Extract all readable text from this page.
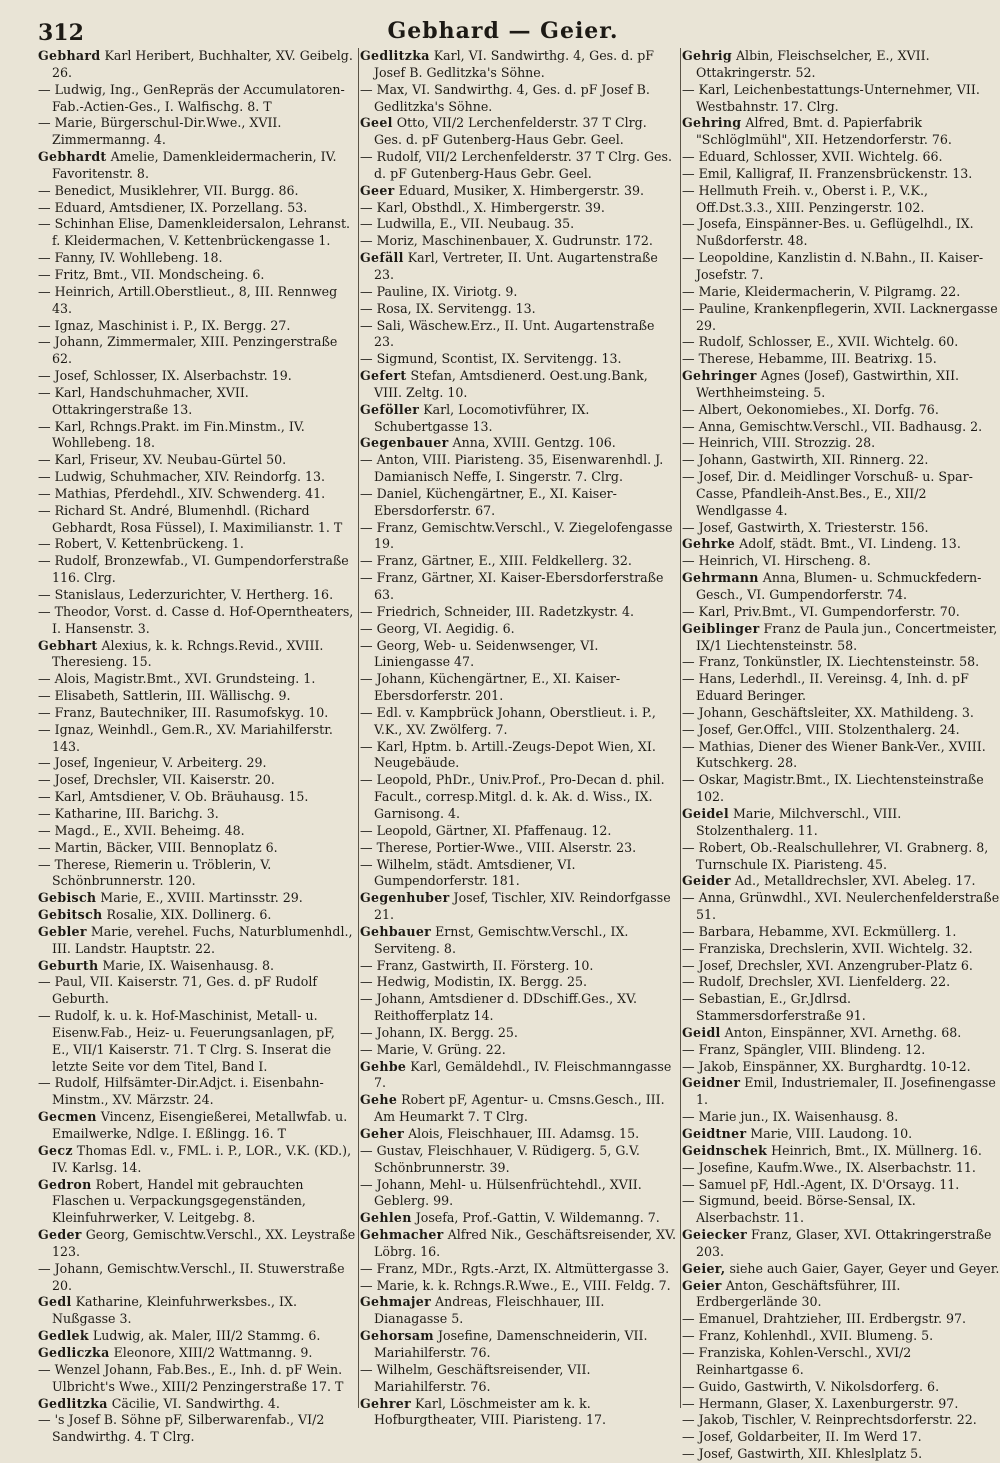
312	Gebhard — Geier.

Gebhard Karl Heribert, Buchhalter, XV. Geibelg. 26.

— Ludwig, Ing., GenRepräs der Accumulatoren-Fab.-Actien-Ges., I. Walfischg. 8. T

— Marie, Bürgerschul-Dir.Wwe., XVII. Zimmermanng. 4.

Gebhardt Amelie, Damenkleidermacherin, IV. Favoritenstr. 8.

— Benedict, Musiklehrer, VII. Burgg. 86.

— Eduard, Amtsdiener, IX. Porzellang. 53.

— Schinhan Elise, Damenkleidersalon, Lehranst. f. Kleidermachen, V. Kettenbrückengasse 1.

— Fanny, IV. Wohllebeng. 18.

— Fritz, Bmt., VII. Mondscheing. 6.

— Heinrich, Artill.Oberstlieut., 8, III. Rennweg 43.

— Ignaz, Maschinist i. P., IX. Bergg. 27.

— Johann, Zimmermaler, XIII. Penzingerstraße 62.

— Josef, Schlosser, IX. Alserbachstr. 19.

— Karl, Handschuhmacher, XVII. Ottakringerstraße 13.

— Karl, Rchngs.Prakt. im Fin.Minstm., IV. Wohllebeng. 18.

— Karl, Friseur, XV. Neubau-Gürtel 50.

— Ludwig, Schuhmacher, XIV. Reindorfg. 13.

— Mathias, Pferdehdl., XIV. Schwenderg. 41.

— Richard St. André, Blumenhdl. (Richard Gebhardt, Rosa Füssel), I. Maximilianstr. 1. T

— Robert, V. Kettenbrückeng. 1.

— Rudolf, Bronzewfab., VI. Gumpendorferstraße 116. Clrg.

— Stanislaus, Lederzurichter, V. Hertherg. 16.

— Theodor, Vorst. d. Casse d. Hof-Operntheaters, I. Hansenstr. 3.

Gebhart Alexius, k. k. Rchngs.Revid., XVIII. Theresieng. 15.

— Alois, Magistr.Bmt., XVI. Grundsteing. 1.

— Elisabeth, Sattlerin, III. Wällischg. 9.

— Franz, Bautechniker, III. Rasumofskyg. 10.

— Ignaz, Weinhdl., Gem.R., XV. Mariahilferstr. 143.

— Josef, Ingenieur, V. Arbeiterg. 29.

— Josef, Drechsler, VII. Kaiserstr. 20.

— Karl, Amtsdiener, V. Ob. Bräuhausg. 15.

— Katharine, III. Barichg. 3.

— Magd., E., XVII. Beheimg. 48.

— Martin, Bäcker, VIII. Bennoplatz 6.

— Therese, Riemerin u. Tröblerin, V. Schönbrunnerstr. 120.

Gebisch Marie, E., XVIII. Martinsstr. 29.

Gebitsch Rosalie, XIX. Dollinerg. 6.

Gebler Marie, verehel. Fuchs, Naturblumenhdl., III. Landstr. Hauptstr. 22.

Geburth Marie, IX. Waisenhausg. 8.

— Paul, VII. Kaiserstr. 71, Ges. d. pF Rudolf Geburth.

— Rudolf, k. u. k. Hof-Maschinist, Metall- u. Eisenw.Fab., Heiz- u. Feuerungsanlagen, pF, E., VII/1 Kaiserstr. 71. T Clrg. S. Inserat die letzte Seite vor dem Titel, Band I.

— Rudolf, Hilfsämter-Dir.Adjct. i. Eisenbahn-Minstm., XV. Märzstr. 24.

Gecmen Vincenz, Eisengießerei, Metallwfab. u. Emailwerke, Ndlge. I. Eßlingg. 16. T

Gecz Thomas Edl. v., FML. i. P., LOR., V.K. (KD.), IV. Karlsg. 14.

Gedron Robert, Handel mit gebrauchten Flaschen u. Verpackungsgegenständen, Kleinfuhrwerker, V. Leitgebg. 8.

Geder Georg, Gemischtw.Verschl., XX. Leystraße 123.

— Johann, Gemischtw.Verschl., II. Stuwerstraße 20.

Gedl Katharine, Kleinfuhrwerksbes., IX. Nußgasse 3.

Gedlek Ludwig, ak. Maler, III/2 Stammg. 6.

Gedliczka Eleonore, XIII/2 Wattmanng. 9.

— Wenzel Johann, Fab.Bes., E., Inh. d. pF Wein. Ulbricht's Wwe., XIII/2 Penzingerstraße 17. T

Gedlitzka Cäcilie, VI. Sandwirthg. 4.

— 's Josef B. Söhne pF, Silberwarenfab., VI/2 Sandwirthg. 4. T Clrg.

Gedlitzka Karl, VI. Sandwirthg. 4, Ges. d. pF Josef B. Gedlitzka's Söhne.

— Max, VI. Sandwirthg. 4, Ges. d. pF Josef B. Gedlitzka's Söhne.

Geel Otto, VII/2 Lerchenfelderstr. 37 T Clrg. Ges. d. pF Gutenberg-Haus Gebr. Geel.

— Rudolf, VII/2 Lerchenfelderstr. 37 T Clrg. Ges. d. pF Gutenberg-Haus Gebr. Geel.

Geer Eduard, Musiker, X. Himbergerstr. 39.

— Karl, Obsthdl., X. Himbergerstr. 39.

— Ludwilla, E., VII. Neubaug. 35.

— Moriz, Maschinenbauer, X. Gudrunstr. 172.

Gefäll Karl, Vertreter, II. Unt. Augartenstraße 23.

— Pauline, IX. Viriotg. 9.

— Rosa, IX. Servitengg. 13.

— Sali, Wäschew.Erz., II. Unt. Augartenstraße 23.

— Sigmund, Scontist, IX. Servitengg. 13.

Gefert Stefan, Amtsdienerd. Oest.ung.Bank, VIII. Zeltg. 10.

Geföller Karl, Locomotivführer, IX. Schubertgasse 13.

Gegenbauer Anna, XVIII. Gentzg. 106.

— Anton, VIII. Piaristeng. 35, Eisenwarenhdl. J. Damianisch Neffe, I. Singerstr. 7. Clrg.

— Daniel, Küchengärtner, E., XI. Kaiser-Ebersdorferstr. 67.

— Franz, Gemischtw.Verschl., V. Ziegelofengasse 19.

— Franz, Gärtner, E., XIII. Feldkellerg. 32.

— Franz, Gärtner, XI. Kaiser-Ebersdorferstraße 63.

— Friedrich, Schneider, III. Radetzkystr. 4.

— Georg, VI. Aegidig. 6.

— Georg, Web- u. Seidenwsenger, VI. Liniengasse 47.

— Johann, Küchengärtner, E., XI. Kaiser-Ebersdorferstr. 201.

— Edl. v. Kampbrück Johann, Oberstlieut. i. P., V.K., XV. Zwölferg. 7.

— Karl, Hptm. b. Artill.-Zeugs-Depot Wien, XI. Neugebäude.

— Leopold, PhDr., Univ.Prof., Pro-Decan d. phil. Facult., corresp.Mitgl. d. k. Ak. d. Wiss., IX. Garnisong. 4.

— Leopold, Gärtner, XI. Pfaffenaug. 12.

— Therese, Portier-Wwe., VIII. Alserstr. 23.

— Wilhelm, städt. Amtsdiener, VI. Gumpendorferstr. 181.

Gegenhuber Josef, Tischler, XIV. Reindorfgasse 21.

Gehbauer Ernst, Gemischtw.Verschl., IX. Serviteng. 8.

— Franz, Gastwirth, II. Försterg. 10.

— Hedwig, Modistin, IX. Bergg. 25.

— Johann, Amtsdiener d. DDschiff.Ges., XV. Reithofferplatz 14.

— Johann, IX. Bergg. 25.

— Marie, V. Grüng. 22.

Gehbe Karl, Gemäldehdl., IV. Fleischmanngasse 7.

Gehe Robert pF, Agentur- u. Cmsns.Gesch., III. Am Heumarkt 7. T Clrg.

Geher Alois, Fleischhauer, III. Adamsg. 15.

— Gustav, Fleischhauer, V. Rüdigerg. 5, G.V. Schönbrunnerstr. 39.

— Johann, Mehl- u. Hülsenfrüchtehdl., XVII. Geblerg. 99.

Gehlen Josefa, Prof.-Gattin, V. Wildemanng. 7.

Gehmacher Alfred Nik., Geschäftsreisender, XV. Löbrg. 16.

— Franz, MDr., Rgts.-Arzt, IX. Altmüttergasse 3.

— Marie, k. k. Rchngs.R.Wwe., E., VIII. Feldg. 7.

Gehmajer Andreas, Fleischhauer, III. Dianagasse 5.

Gehorsam Josefine, Damenschneiderin, VII. Mariahilferstr. 76.

— Wilhelm, Geschäftsreisender, VII. Mariahilferstr. 76.

Gehrer Karl, Löschmeister am k. k. Hofburgtheater, VIII. Piaristeng. 17.

Gehrig Albin, Fleischselcher, E., XVII. Ottakringerstr. 52.

— Karl, Leichenbestattungs-Unternehmer, VII. Westbahnstr. 17. Clrg.

Gehring Alfred, Bmt. d. Papierfabrik "Schlöglmühl", XII. Hetzendorferstr. 76.

— Eduard, Schlosser, XVII. Wichtelg. 66.

— Emil, Kalligraf, II. Franzensbrückenstr. 13.

— Hellmuth Freih. v., Oberst i. P., V.K., Off.Dst.3.3., XIII. Penzingerstr. 102.

— Josefa, Einspänner-Bes. u. Geflügelhdl., IX. Nußdorferstr. 48.

— Leopoldine, Kanzlistin d. N.Bahn., II. Kaiser-Josefstr. 7.

— Marie, Kleidermacherin, V. Pilgramg. 22.

— Pauline, Krankenpflegerin, XVII. Lacknergasse 29.

— Rudolf, Schlosser, E., XVII. Wichtelg. 60.

— Therese, Hebamme, III. Beatrixg. 15.

Gehringer Agnes (Josef), Gastwirthin, XII. Werthheimsteing. 5.

— Albert, Oekonomiebes., XI. Dorfg. 76.

— Anna, Gemischtw.Verschl., VII. Badhausg. 2.

— Heinrich, VIII. Strozzig. 28.

— Johann, Gastwirth, XII. Rinnerg. 22.

— Josef, Dir. d. Meidlinger Vorschuß- u. Spar-Casse, Pfandleih-Anst.Bes., E., XII/2 Wendlgasse 4.

— Josef, Gastwirth, X. Triesterstr. 156.

Gehrke Adolf, städt. Bmt., VI. Lindeng. 13.

— Heinrich, VI. Hirscheng. 8.

Gehrmann Anna, Blumen- u. Schmuckfedern-Gesch., VI. Gumpendorferstr. 74.

— Karl, Priv.Bmt., VI. Gumpendorferstr. 70.

Geiblinger Franz de Paula jun., Concertmeister, IX/1 Liechtensteinstr. 58.

— Franz, Tonkünstler, IX. Liechtensteinstr. 58.

— Hans, Lederhdl., II. Vereinsg. 4, Inh. d. pF Eduard Beringer.

— Johann, Geschäftsleiter, XX. Mathildeng. 3.

— Josef, Ger.Offcl., VIII. Stolzenthalerg. 24.

— Mathias, Diener des Wiener Bank-Ver., XVIII. Kutschkerg. 28.

— Oskar, Magistr.Bmt., IX. Liechtensteinstraße 102.

Geidel Marie, Milchverschl., VIII. Stolzenthalerg. 11.

— Robert, Ob.-Realschullehrer, VI. Grabnerg. 8, Turnschule IX. Piaristeng. 45.

Geider Ad., Metalldrechsler, XVI. Abeleg. 17.

— Anna, Grünwdhl., XVI. Neulerchenfelderstraße 51.

— Barbara, Hebamme, XVI. Eckmüllerg. 1.

— Franziska, Drechslerin, XVII. Wichtelg. 32.

— Josef, Drechsler, XVI. Anzengruber-Platz 6.

— Rudolf, Drechsler, XVI. Lienfelderg. 22.

— Sebastian, E., Gr.Jdlrsd. Stammersdorferstraße 91.

Geidl Anton, Einspänner, XVI. Arnethg. 68.

— Franz, Spängler, VIII. Blindeng. 12.

— Jakob, Einspänner, XX. Burghardtg. 10-12.

Geidner Emil, Industriemaler, II. Josefinengasse 1.

— Marie jun., IX. Waisenhausg. 8.

Geidtner Marie, VIII. Laudong. 10.

Geidnschek Heinrich, Bmt., IX. Müllnerg. 16.

— Josefine, Kaufm.Wwe., IX. Alserbachstr. 11.

— Samuel pF, Hdl.-Agent, IX. D'Orsayg. 11.

— Sigmund, beeid. Börse-Sensal, IX. Alserbachstr. 11.

Geiecker Franz, Glaser, XVI. Ottakringerstraße 203.

Geier, siehe auch Gaier, Gayer, Geyer und Geyer.

Geier Anton, Geschäftsführer, III. Erdbergerlände 30.

— Emanuel, Drahtzieher, III. Erdbergstr. 97.

— Franz, Kohlenhdl., XVII. Blumeng. 5.

— Franziska, Kohlen-Verschl., XVI/2 Reinhartgasse 6.

— Guido, Gastwirth, V. Nikolsdorferg. 6.

— Hermann, Glaser, X. Laxenburgerstr. 97.

— Jakob, Tischler, V. Reinprechtsdorferstr. 22.

— Josef, Goldarbeiter, II. Im Werd 17.

— Josef, Gastwirth, XII. Khleslplatz 5.
